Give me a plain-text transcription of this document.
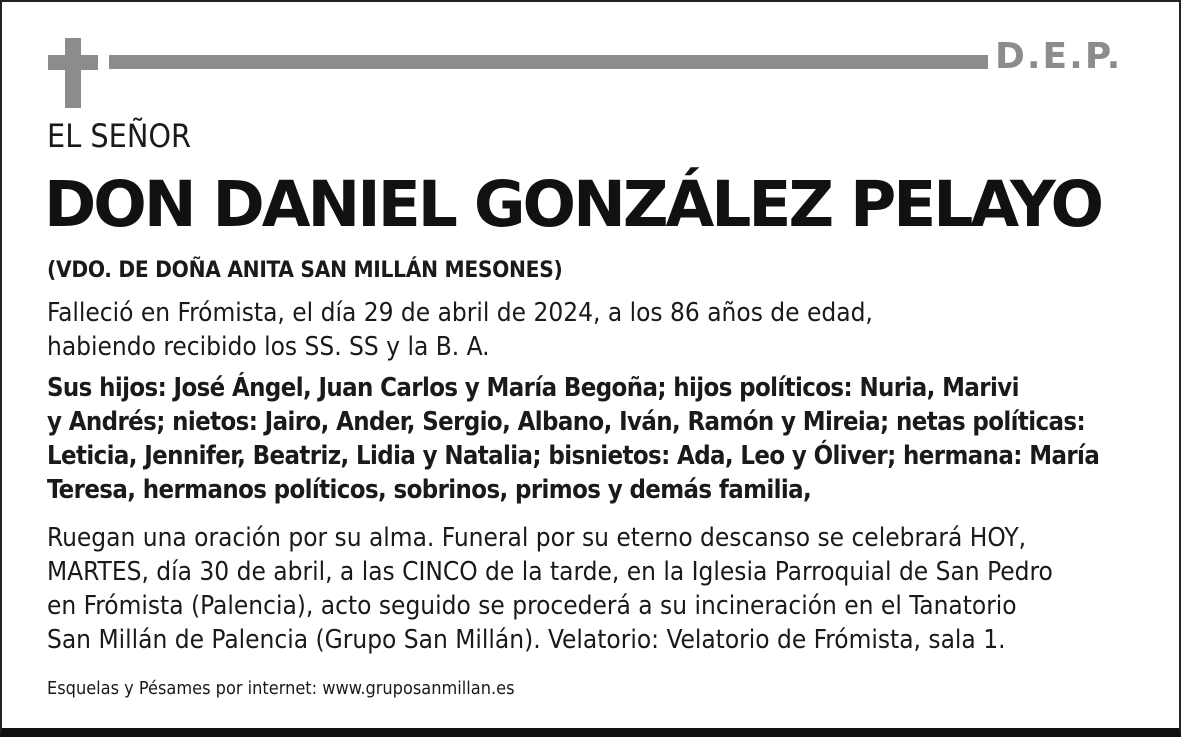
D.E.P.
EL SEÑOR
DON DANIEL GONZÁLEZ PELAYO
(VDO. DE DOÑA ANITA SAN MILLÁN MESONES)
Falleció en Frómista, el día 29 de abril de 2024, a los 86 años de edad,
habiendo recibido los SS. SS y la B. A.
Sus hijos: José Ángel, Juan Carlos y María Begoña; hijos políticos: Nuria, Marivi
y Andrés; nietos: Jairo, Ander, Sergio, Albano, Iván, Ramón y Mireia; netas políticas:
Leticia, Jennifer, Beatriz, Lidia y Natalia; bisnietos: Ada, Leo y Óliver; hermana: María
Teresa, hermanos políticos, sobrinos, primos y demás familia,
Ruegan una oración por su alma. Funeral por su eterno descanso se celebrará HOY,
MARTES, día 30 de abril, a las CINCO de la tarde, en la Iglesia Parroquial de San Pedro
en Frómista (Palencia), acto seguido se procederá a su incineración en el Tanatorio
San Millán de Palencia (Grupo San Millán). Velatorio: Velatorio de Frómista, sala 1.
Esquelas y Pésames por internet: www.gruposanmillan.es
